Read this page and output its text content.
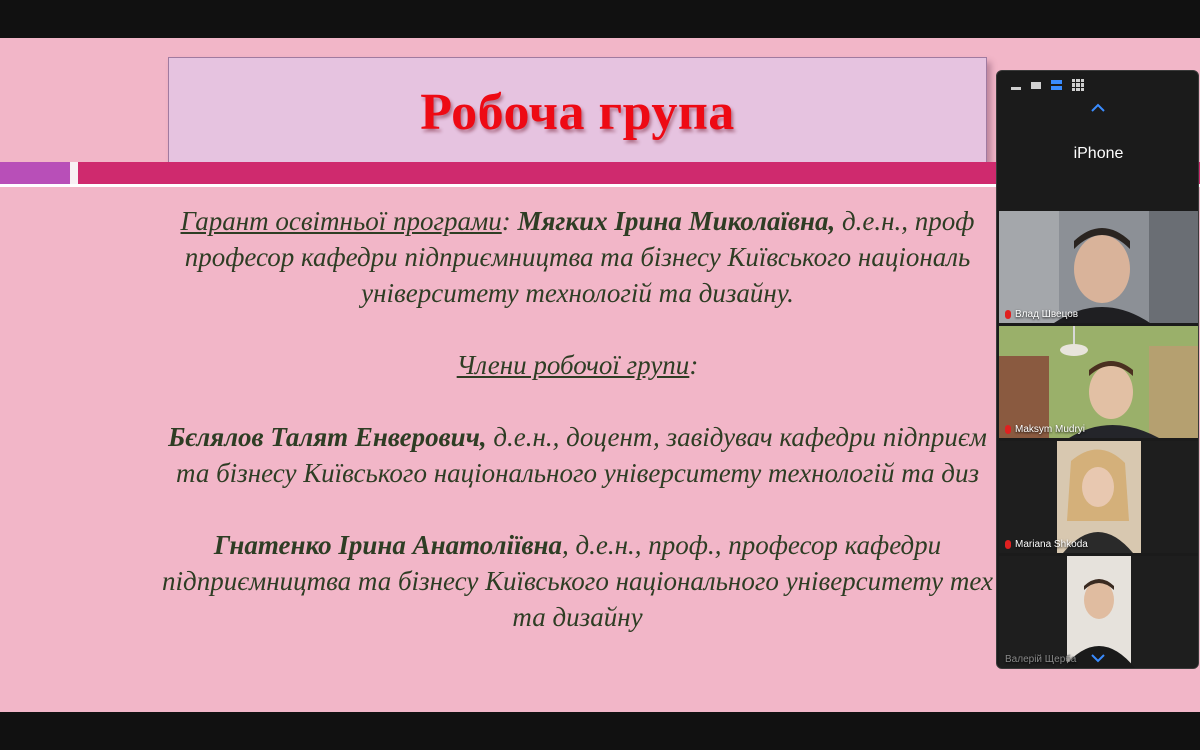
Робоча група

Гарант освітньої програми: Мягких Ірина Миколаївна, д.е.н., проф

професор кафедри підприємництва та бізнесу Київського національ

університету технологій та дизайну.

Члени робочої групи:

Бєлялов Талят Енверович, д.е.н., доцент, завідувач кафедри підприєм

та бізнесу Київського національного університету технологій та диз

Гнатенко Ірина Анатоліївна, д.е.н., проф., професор кафедри

підприємництва та бізнесу Київського національного університету тех

та дизайну

iPhone
Влад Швецов
Maksym Mudryi
Mariana Shkoda
Валерій Щерба
